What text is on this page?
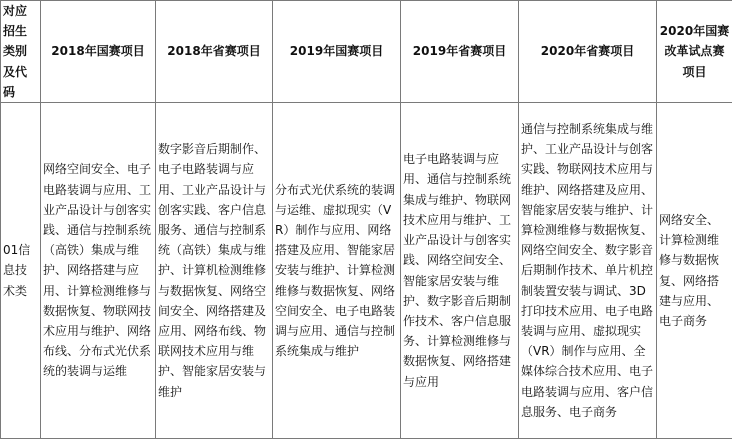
对应招生类别及代码	2018年国赛项目	2018年省赛项目	2019年国赛项目	2019年省赛项目	2020年省赛项目	2020年国赛改革试点赛项目
01信息技术类	网络空间安全、电子电路装调与应用、工业产品设计与创客实践、通信与控制系统（高铁）集成与维护、网络搭建与应用、计算检测维修与数据恢复、物联网技术应用与维护、网络布线、分布式光伏系统的装调与运维	数字影音后期制作、电子电路装调与应用、工业产品设计与创客实践、客户信息服务、通信与控制系统（高铁）集成与维护、计算机检测维修与数据恢复、网络空间安全、网络搭建及应用、网络布线、物联网技术应用与维护、智能家居安装与维护	分布式光伏系统的装调与运维、虚拟现实（VR）制作与应用、网络搭建及应用、智能家居安装与维护、计算检测维修与数据恢复、网络空间安全、电子电路装调与应用、通信与控制系统集成与维护	电子电路装调与应用、通信与控制系统集成与维护、物联网技术应用与维护、工业产品设计与创客实践、网络空间安全、智能家居安装与维护、数字影音后期制作技术、客户信息服务、计算检测维修与数据恢复、网络搭建与应用	通信与控制系统集成与维护、工业产品设计与创客实践、物联网技术应用与维护、网络搭建及应用、智能家居安装与维护、计算检测维修与数据恢复、网络空间安全、数字影音后期制作技术、单片机控制装置安装与调试、3D打印技术应用、电子电路装调与应用、虚拟现实（VR）制作与应用、全媒体综合技术应用、电子电路装调与应用、客户信息服务、电子商务	网络安全、计算检测维修与数据恢复、网络搭建与应用、电子商务
